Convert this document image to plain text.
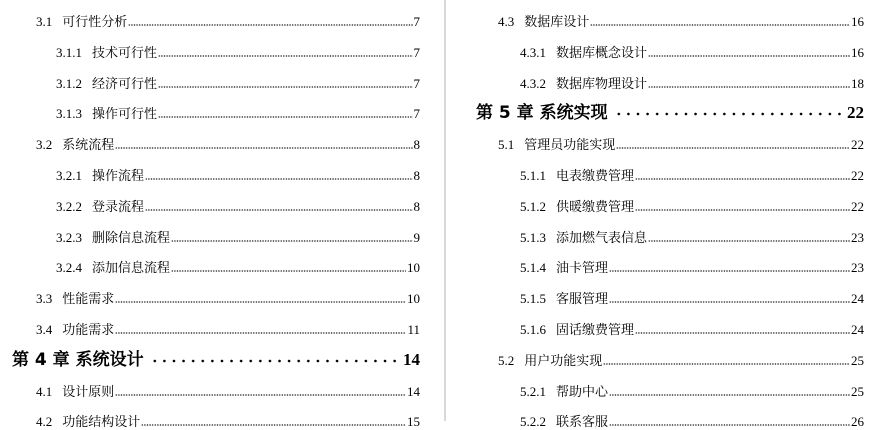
3.1 可行性分析	7
3.1.1 技术可行性	7
3.1.2 经济可行性	7
3.1.3 操作可行性	7
3.2 系统流程	8
3.2.1 操作流程	8
3.2.2 登录流程	8
3.2.3 删除信息流程	9
3.2.4 添加信息流程	10
3.3 性能需求	10
3.4 功能需求	11
第 4 章 系统设计	14
4.1 设计原则	14
4.2 功能结构设计	15
4.3 数据库设计	16
4.3.1 数据库概念设计	16
4.3.2 数据库物理设计	18
第 5 章 系统实现	22
5.1 管理员功能实现	22
5.1.1 电表缴费管理	22
5.1.2 供暖缴费管理	22
5.1.3 添加燃气表信息	23
5.1.4 油卡管理	23
5.1.5 客服管理	24
5.1.6 固话缴费管理	24
5.2 用户功能实现	25
5.2.1 帮助中心	25
5.2.2 联系客服	26
